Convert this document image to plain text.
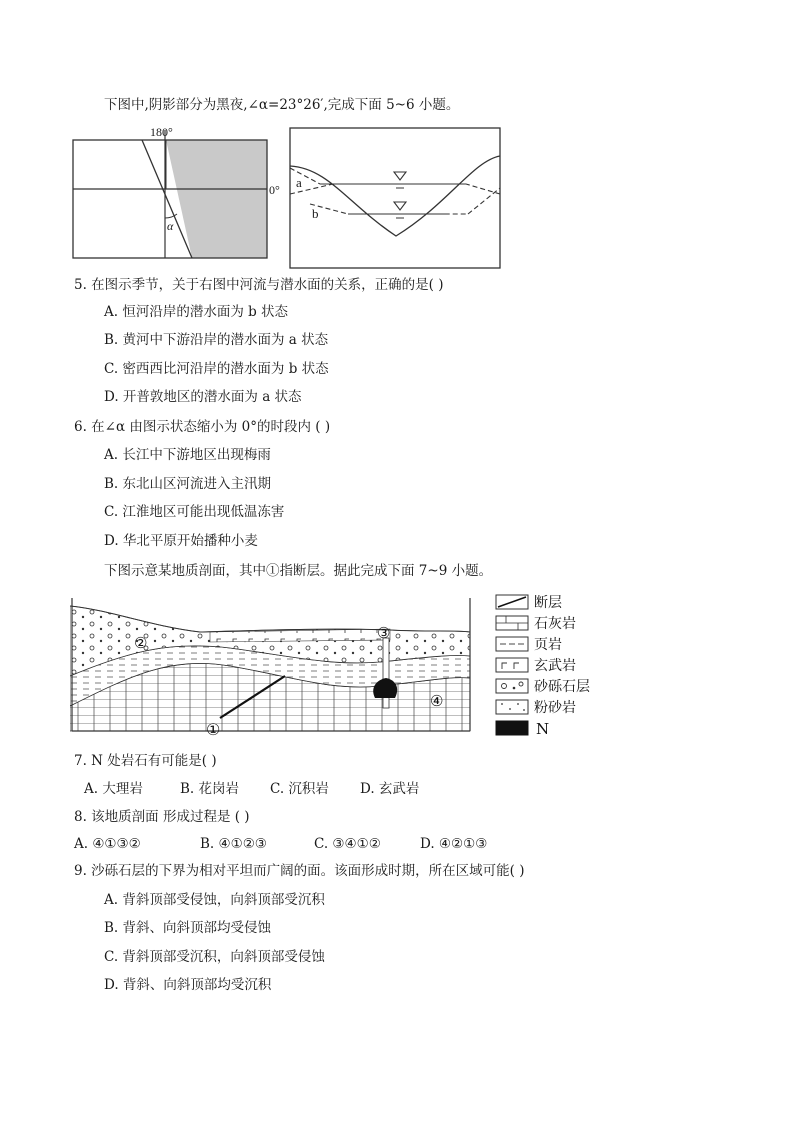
下图中,阴影部分为黑夜,∠α=23°26′,完成下面 5~6 小题。
180°
0°
α
a
b
5. 在图示季节，关于右图中河流与潜水面的关系，正确的是( )
A. 恒河沿岸的潜水面为 b 状态
B. 黄河中下游沿岸的潜水面为 a 状态
C. 密西西比河沿岸的潜水面为 b 状态
D. 开普敦地区的潜水面为 a 状态
6. 在∠α 由图示状态缩小为 0°的时段内 ( )
A. 长江中下游地区出现梅雨
B. 东北山区河流进入主汛期
C. 江淮地区可能出现低温冻害
D. 华北平原开始播种小麦
下图示意某地质剖面，其中①指断层。据此完成下面 7~9 小题。
①
②
③
④
断层
石灰岩
页岩
玄武岩
砂砾石层
粉砂岩
N
7. N 处岩石有可能是( )
A. 大理岩	B. 花岗岩 C. 沉积岩 D. 玄武岩
8. 该地质剖面 形成过程是 ( )
A. ④①③②	B. ④①②③	C. ③④①②	D. ④②①③
9. 沙砾石层的下界为相对平坦而广阔的面。该面形成时期，所在区域可能( )
A. 背斜顶部受侵蚀，向斜顶部受沉积
B. 背斜、向斜顶部均受侵蚀
C. 背斜顶部受沉积，向斜顶部受侵蚀
D. 背斜、向斜顶部均受沉积
